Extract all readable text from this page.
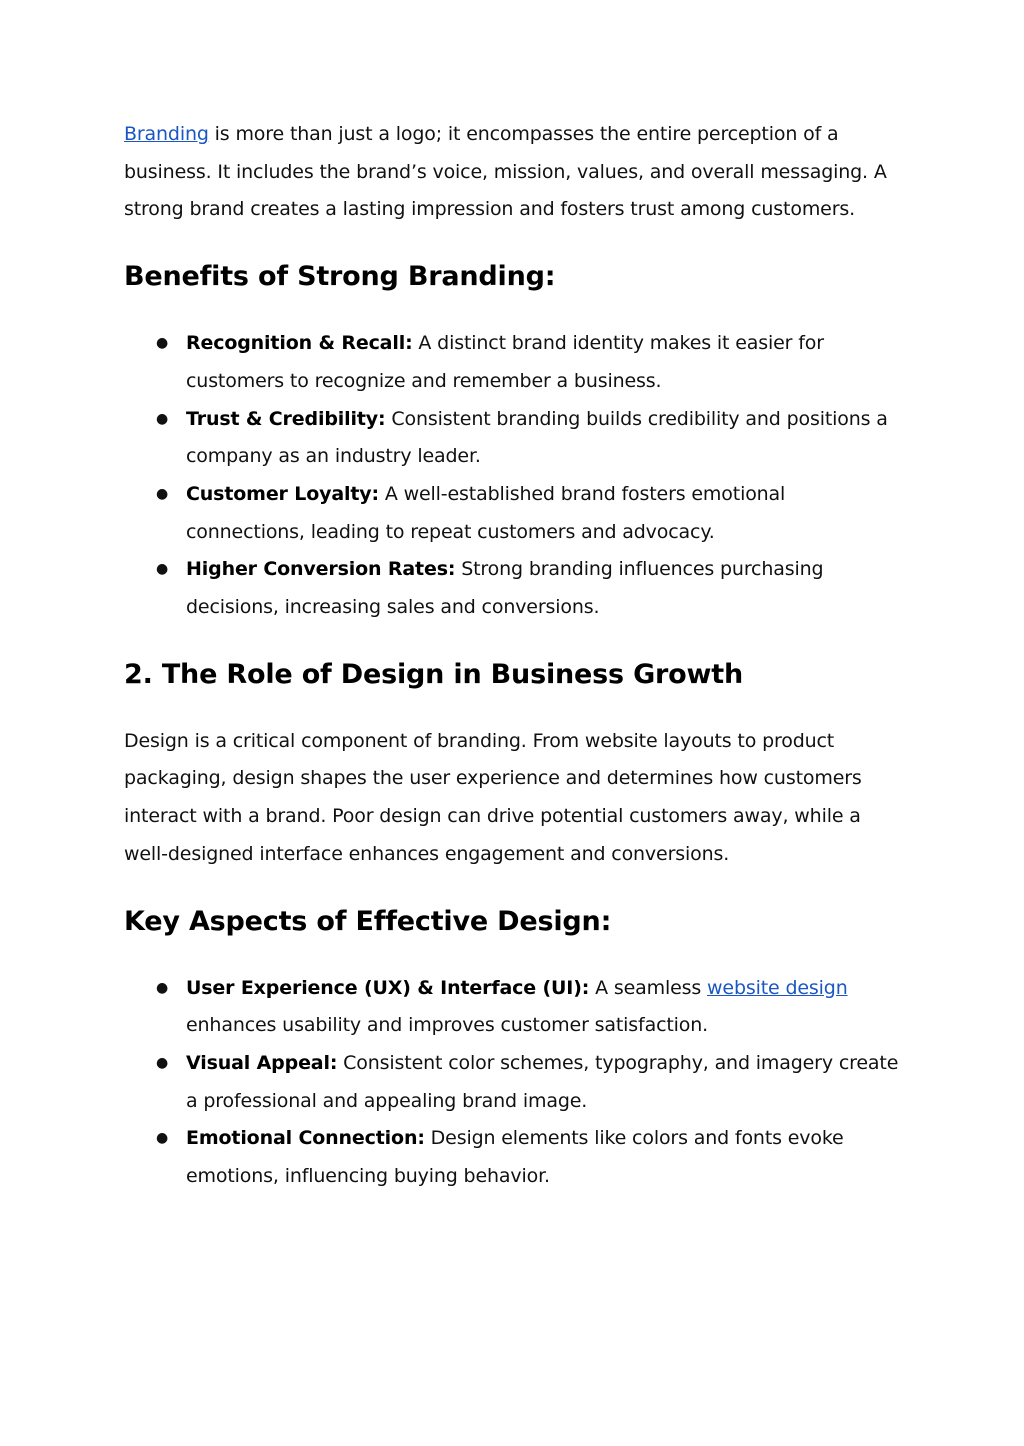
Branding is more than just a logo; it encompasses the entire perception of a business. It includes the brand’s voice, mission, values, and overall messaging. A strong brand creates a lasting impression and fosters trust among customers.

Benefits of Strong Branding:
● Recognition & Recall: A distinct brand identity makes it easier for customers to recognize and remember a business.
● Trust & Credibility: Consistent branding builds credibility and positions a company as an industry leader.
● Customer Loyalty: A well-established brand fosters emotional connections, leading to repeat customers and advocacy.
● Higher Conversion Rates: Strong branding influences purchasing decisions, increasing sales and conversions.
2. The Role of Design in Business Growth

Design is a critical component of branding. From website layouts to product packaging, design shapes the user experience and determines how customers interact with a brand. Poor design can drive potential customers away, while a well-designed interface enhances engagement and conversions.

Key Aspects of Effective Design:
● User Experience (UX) & Interface (UI): A seamless website design enhances usability and improves customer satisfaction.
● Visual Appeal: Consistent color schemes, typography, and imagery create a professional and appealing brand image.
● Emotional Connection: Design elements like colors and fonts evoke emotions, influencing buying behavior.
